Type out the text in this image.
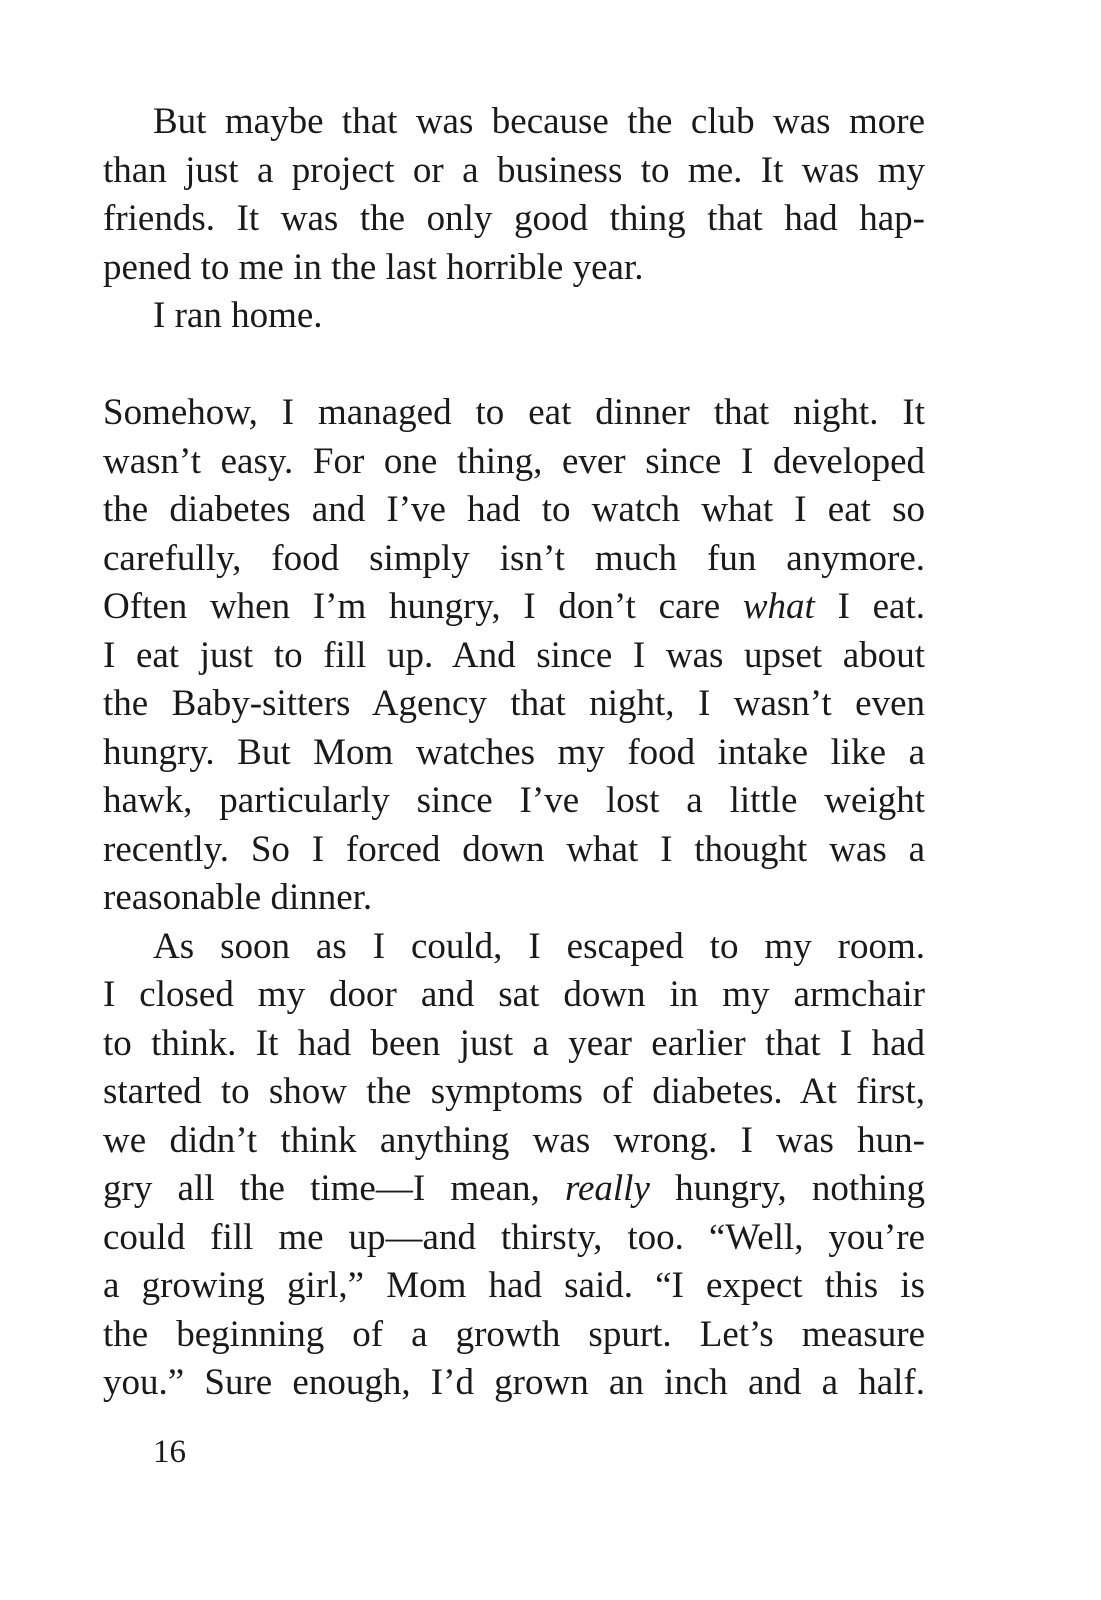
But maybe that was because the club was more
than just a project or a business to me. It was my
friends. It was the only good thing that had hap-
pened to me in the last horrible year.
I ran home.
Somehow, I managed to eat dinner that night. It
wasn’t easy. For one thing, ever since I developed
the diabetes and I’ve had to watch what I eat so
carefully, food simply isn’t much fun anymore.
Often when I’m hungry, I don’t care what I eat.
I eat just to fill up. And since I was upset about
the Baby-sitters Agency that night, I wasn’t even
hungry. But Mom watches my food intake like a
hawk, particularly since I’ve lost a little weight
recently. So I forced down what I thought was a
reasonable dinner.
As soon as I could, I escaped to my room.
I closed my door and sat down in my armchair
to think. It had been just a year earlier that I had
started to show the symptoms of diabetes. At first,
we didn’t think anything was wrong. I was hun-
gry all the time—I mean, really hungry, nothing
could fill me up—and thirsty, too. “Well, you’re
a growing girl,” Mom had said. “I expect this is
the beginning of a growth spurt. Let’s measure
you.” Sure enough, I’d grown an inch and a half.
16
